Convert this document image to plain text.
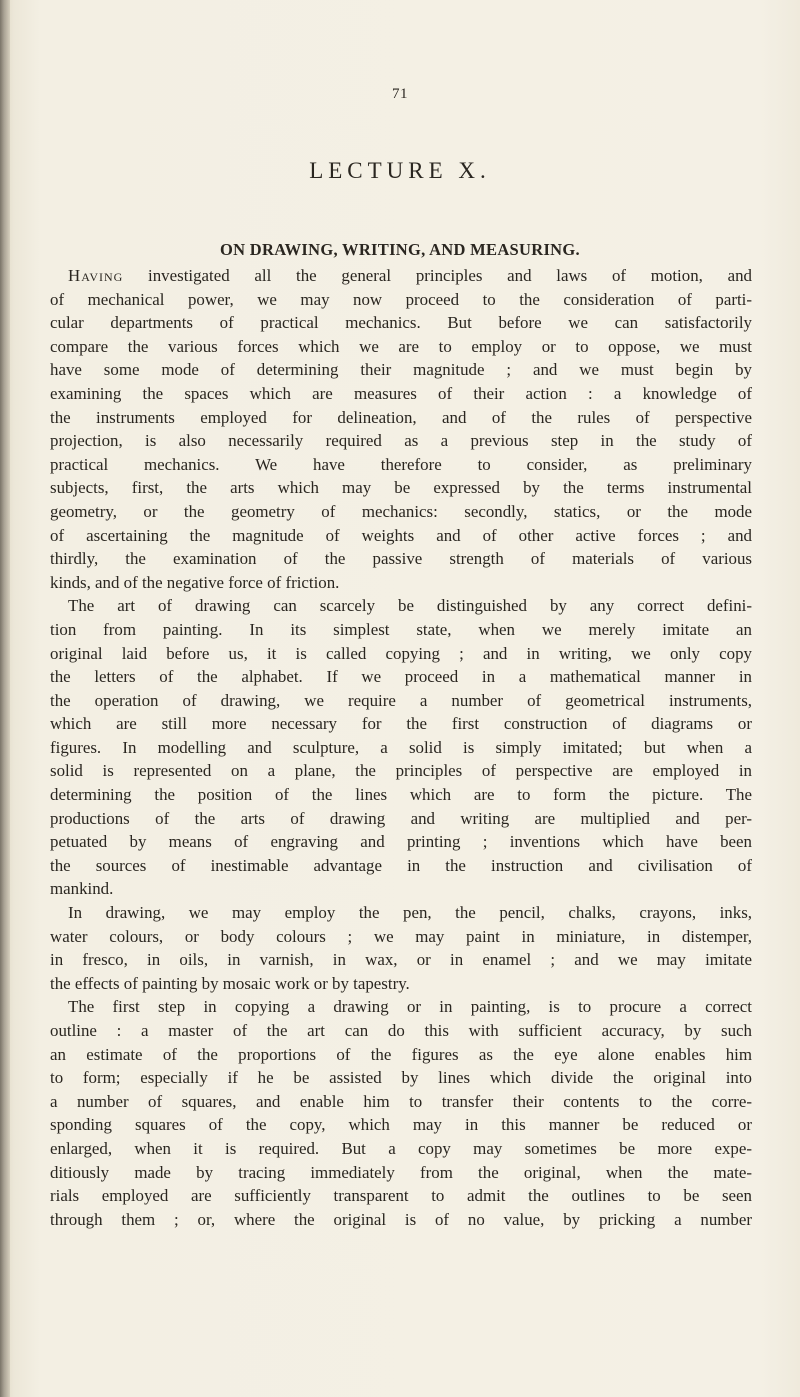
71
LECTURE X.
ON DRAWING, WRITING, AND MEASURING.
Having investigated all the general principles and laws of motion, and
of mechanical power, we may now proceed to the consideration of parti-
cular departments of practical mechanics. But before we can satisfactorily
compare the various forces which we are to employ or to oppose, we must
have some mode of determining their magnitude ; and we must begin by
examining the spaces which are measures of their action : a knowledge of
the instruments employed for delineation, and of the rules of perspective
projection, is also necessarily required as a previous step in the study of
practical mechanics. We have therefore to consider, as preliminary
subjects, first, the arts which may be expressed by the terms instrumental
geometry, or the geometry of mechanics: secondly, statics, or the mode
of ascertaining the magnitude of weights and of other active forces ; and
thirdly, the examination of the passive strength of materials of various
kinds, and of the negative force of friction.
The art of drawing can scarcely be distinguished by any correct defini-
tion from painting. In its simplest state, when we merely imitate an
original laid before us, it is called copying ; and in writing, we only copy
the letters of the alphabet. If we proceed in a mathematical manner in
the operation of drawing, we require a number of geometrical instruments,
which are still more necessary for the first construction of diagrams or
figures. In modelling and sculpture, a solid is simply imitated; but when a
solid is represented on a plane, the principles of perspective are employed in
determining the position of the lines which are to form the picture. The
productions of the arts of drawing and writing are multiplied and per-
petuated by means of engraving and printing ; inventions which have been
the sources of inestimable advantage in the instruction and civilisation of
mankind.
In drawing, we may employ the pen, the pencil, chalks, crayons, inks,
water colours, or body colours ; we may paint in miniature, in distemper,
in fresco, in oils, in varnish, in wax, or in enamel ; and we may imitate
the effects of painting by mosaic work or by tapestry.
The first step in copying a drawing or in painting, is to procure a correct
outline : a master of the art can do this with sufficient accuracy, by such
an estimate of the proportions of the figures as the eye alone enables him
to form; especially if he be assisted by lines which divide the original into
a number of squares, and enable him to transfer their contents to the corre-
sponding squares of the copy, which may in this manner be reduced or
enlarged, when it is required. But a copy may sometimes be more expe-
ditiously made by tracing immediately from the original, when the mate-
rials employed are sufficiently transparent to admit the outlines to be seen
through them ; or, where the original is of no value, by pricking a number
